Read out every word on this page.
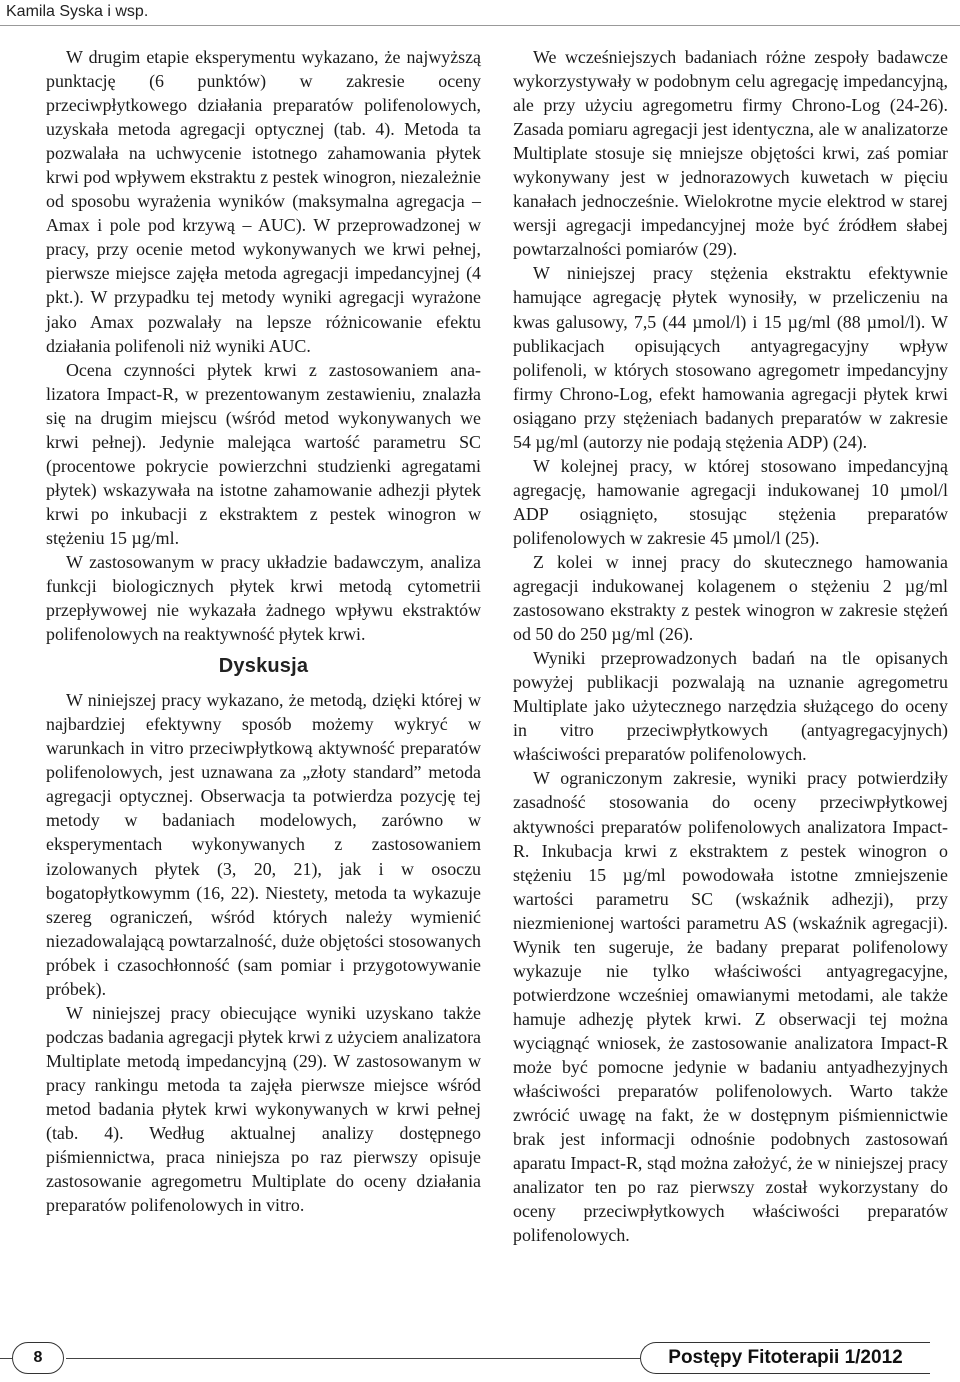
Kamila Syska i wsp.

W drugim etapie eksperymentu wykazano, że najwyższą punktację (6 punktów) w zakresie oceny przeciwpłytkowego działania preparatów polifenolowych, uzyskała metoda agregacji optycznej (tab. 4). Metoda ta pozwalała na uchwycenie istotnego zahamowania płytek krwi pod wpływem ekstraktu z pestek winogron, niezależnie od sposobu wyrażenia wyników (maksymalna agregacja – Amax i pole pod krzywą – AUC). W przeprowadzonej w pracy, przy ocenie metod wykonywanych we krwi pełnej, pierwsze miejsce zajęła metoda agregacji impedancyjnej (4 pkt.). W przypadku tej metody wyniki agregacji wyrażone jako Amax pozwalały na lepsze różnicowanie efektu działania polifenoli niż wyniki AUC.

Ocena czynności płytek krwi z zastosowaniem analizatora Impact-R, w prezentowanym zestawieniu, znalazła się na drugim miejscu (wśród metod wykonywanych we krwi pełnej). Jedynie malejąca wartość parametru SC (procentowe pokrycie powierzchni studzienki agregatami płytek) wskazywała na istotne zahamowanie adhezji płytek krwi po inkubacji z ekstraktem z pestek winogron w stężeniu 15 µg/ml.

W zastosowanym w pracy układzie badawczym, analiza funkcji biologicznych płytek krwi metodą cytometrii przepływowej nie wykazała żadnego wpływu ekstraktów polifenolowych na reaktywność płytek krwi.

Dyskusja

W niniejszej pracy wykazano, że metodą, dzięki której w najbardziej efektywny sposób możemy wykryć w warunkach in vitro przeciwpłytkową aktywność preparatów polifenolowych, jest uznawana za „złoty standard” metoda agregacji optycznej. Obserwacja ta potwierdza pozycję tej metody w badaniach modelowych, zarówno w eksperymentach wykonywanych z zastosowaniem izolowanych płytek (3, 20, 21), jak i w osoczu bogatopłytkowymm (16, 22). Niestety, metoda ta wykazuje szereg ograniczeń, wśród których należy wymienić niezadowalającą powtarzalność, duże objętości stosowanych próbek i czasochłonność (sam pomiar i przygotowywanie próbek).

W niniejszej pracy obiecujące wyniki uzyskano także podczas badania agregacji płytek krwi z użyciem analizatora Multiplate metodą impedancyjną (29). W zastosowanym w pracy rankingu metoda ta zajęła pierwsze miejsce wśród metod badania płytek krwi wykonywanych w krwi pełnej (tab. 4). Według aktualnej analizy dostępnego piśmiennictwa, praca niniejsza po raz pierwszy opisuje zastosowanie agregometru Multiplate do oceny działania preparatów polifenolowych in vitro.

We wcześniejszych badaniach różne zespoły badawcze wykorzystywały w podobnym celu agregację impedancyjną, ale przy użyciu agregometru firmy Chrono-Log (24-26). Zasada pomiaru agregacji jest identyczna, ale w analizatorze Multiplate stosuje się mniejsze objętości krwi, zaś pomiar wykonywany jest w jednorazowych kuwetach w pięciu kanałach jednocześnie. Wielokrotne mycie elektrod w starej wersji agregacji impedancyjnej może być źródłem słabej powtarzalności pomiarów (29).

W niniejszej pracy stężenia ekstraktu efektywnie hamujące agregację płytek wynosiły, w przeliczeniu na kwas galusowy, 7,5 (44 µmol/l) i 15 µg/ml (88 µmol/l). W publikacjach opisujących antyagregacyjny wpływ polifenoli, w których stosowano agregometr impedancyjny firmy Chrono-Log, efekt hamowania agregacji płytek krwi osiągano przy stężeniach badanych preparatów w zakresie 54 µg/ml (autorzy nie podają stężenia ADP) (24).

W kolejnej pracy, w której stosowano impedancyjną agregację, hamowanie agregacji indukowanej 10 µmol/l ADP osiągnięto, stosując stężenia preparatów polifenolowych w zakresie 45 µmol/l (25).

Z kolei w innej pracy do skutecznego hamowania agregacji indukowanej kolagenem o stężeniu 2 µg/ml zastosowano ekstrakty z pestek winogron w zakresie stężeń od 50 do 250 µg/ml (26).

Wyniki przeprowadzonych badań na tle opisanych powyżej publikacji pozwalają na uznanie agregometru Multiplate jako użytecznego narzędzia służącego do oceny in vitro przeciwpłytkowych (antyagregacyjnych) właściwości preparatów polifenolowych.

W ograniczonym zakresie, wyniki pracy potwierdziły zasadność stosowania do oceny przeciwpłytkowej aktywności preparatów polifenolowych analizatora Impact-R. Inkubacja krwi z ekstraktem z pestek winogron o stężeniu 15 µg/ml powodowała istotne zmniejszenie wartości parametru SC (wskaźnik adhezji), przy niezmienionej wartości parametru AS (wskaźnik agregacji). Wynik ten sugeruje, że badany preparat polifenolowy wykazuje nie tylko właściwości antyagregacyjne, potwierdzone wcześniej omawianymi metodami, ale także hamuje adhezję płytek krwi. Z obserwacji tej można wyciągnąć wniosek, że zastosowanie analizatora Impact-R może być pomocne jedynie w badaniu antyadhezyjnych właściwości preparatów polifenolowych. Warto także zwrócić uwagę na fakt, że w dostępnym piśmiennictwie brak jest informacji odnośnie podobnych zastosowań aparatu Impact-R, stąd można założyć, że w niniejszej pracy analizator ten po raz pierwszy został wykorzystany do oceny przeciwpłytkowych właściwości preparatów polifenolowych.

8	Postępy Fitoterapii 1/2012
